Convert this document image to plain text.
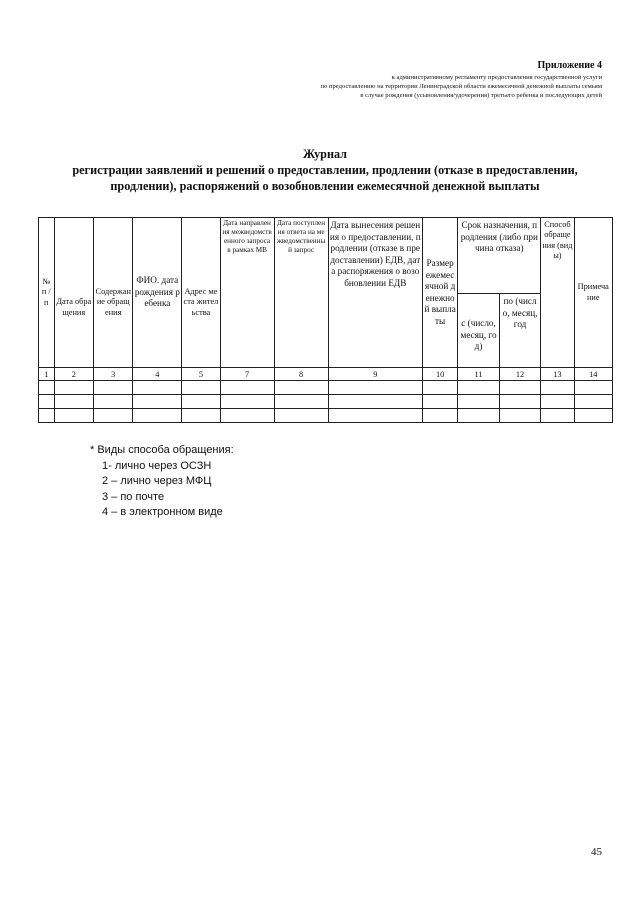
Приложение 4
к административному регламенту предоставления государственной услуги
по предоставлению на территории Ленинградской области ежемесячной денежной выплаты семьям
в случае рождения (усыновления/удочерения) третьего ребенка и последующих детей
Журнал
регистрации заявлений и решений о предоставлении, продлении (отказе в предоставлении,
продлении), распоряжений о возобновлении ежемесячной денежной выплаты
№ п / п	Дата обращения	Содержание обращения	ФИО. дата рождения ребенка	Адрес места жительства	Дата направления межведомственного запроса в рамках МВ	Дата поступления ответа на межведомственный запрос	Дата вынесения решения о предоставлении, продлении (отказе в предоставлении) ЕДВ, дата распоряжения о возобновлении ЕДВ	Размер ежемесячной денежной выплаты	Срок назначения, продления (либо причина отказа)		Способ обращения (виды)	Примечание
									с (число, месяц, год)	по (число, месяц, год		
1	2	3	4	5	7	8	9	10	11	12	13	14

* Виды способа обращения:
1- лично через ОСЗН
2 – лично через МФЦ
3 – по почте
4 – в электронном виде
45
